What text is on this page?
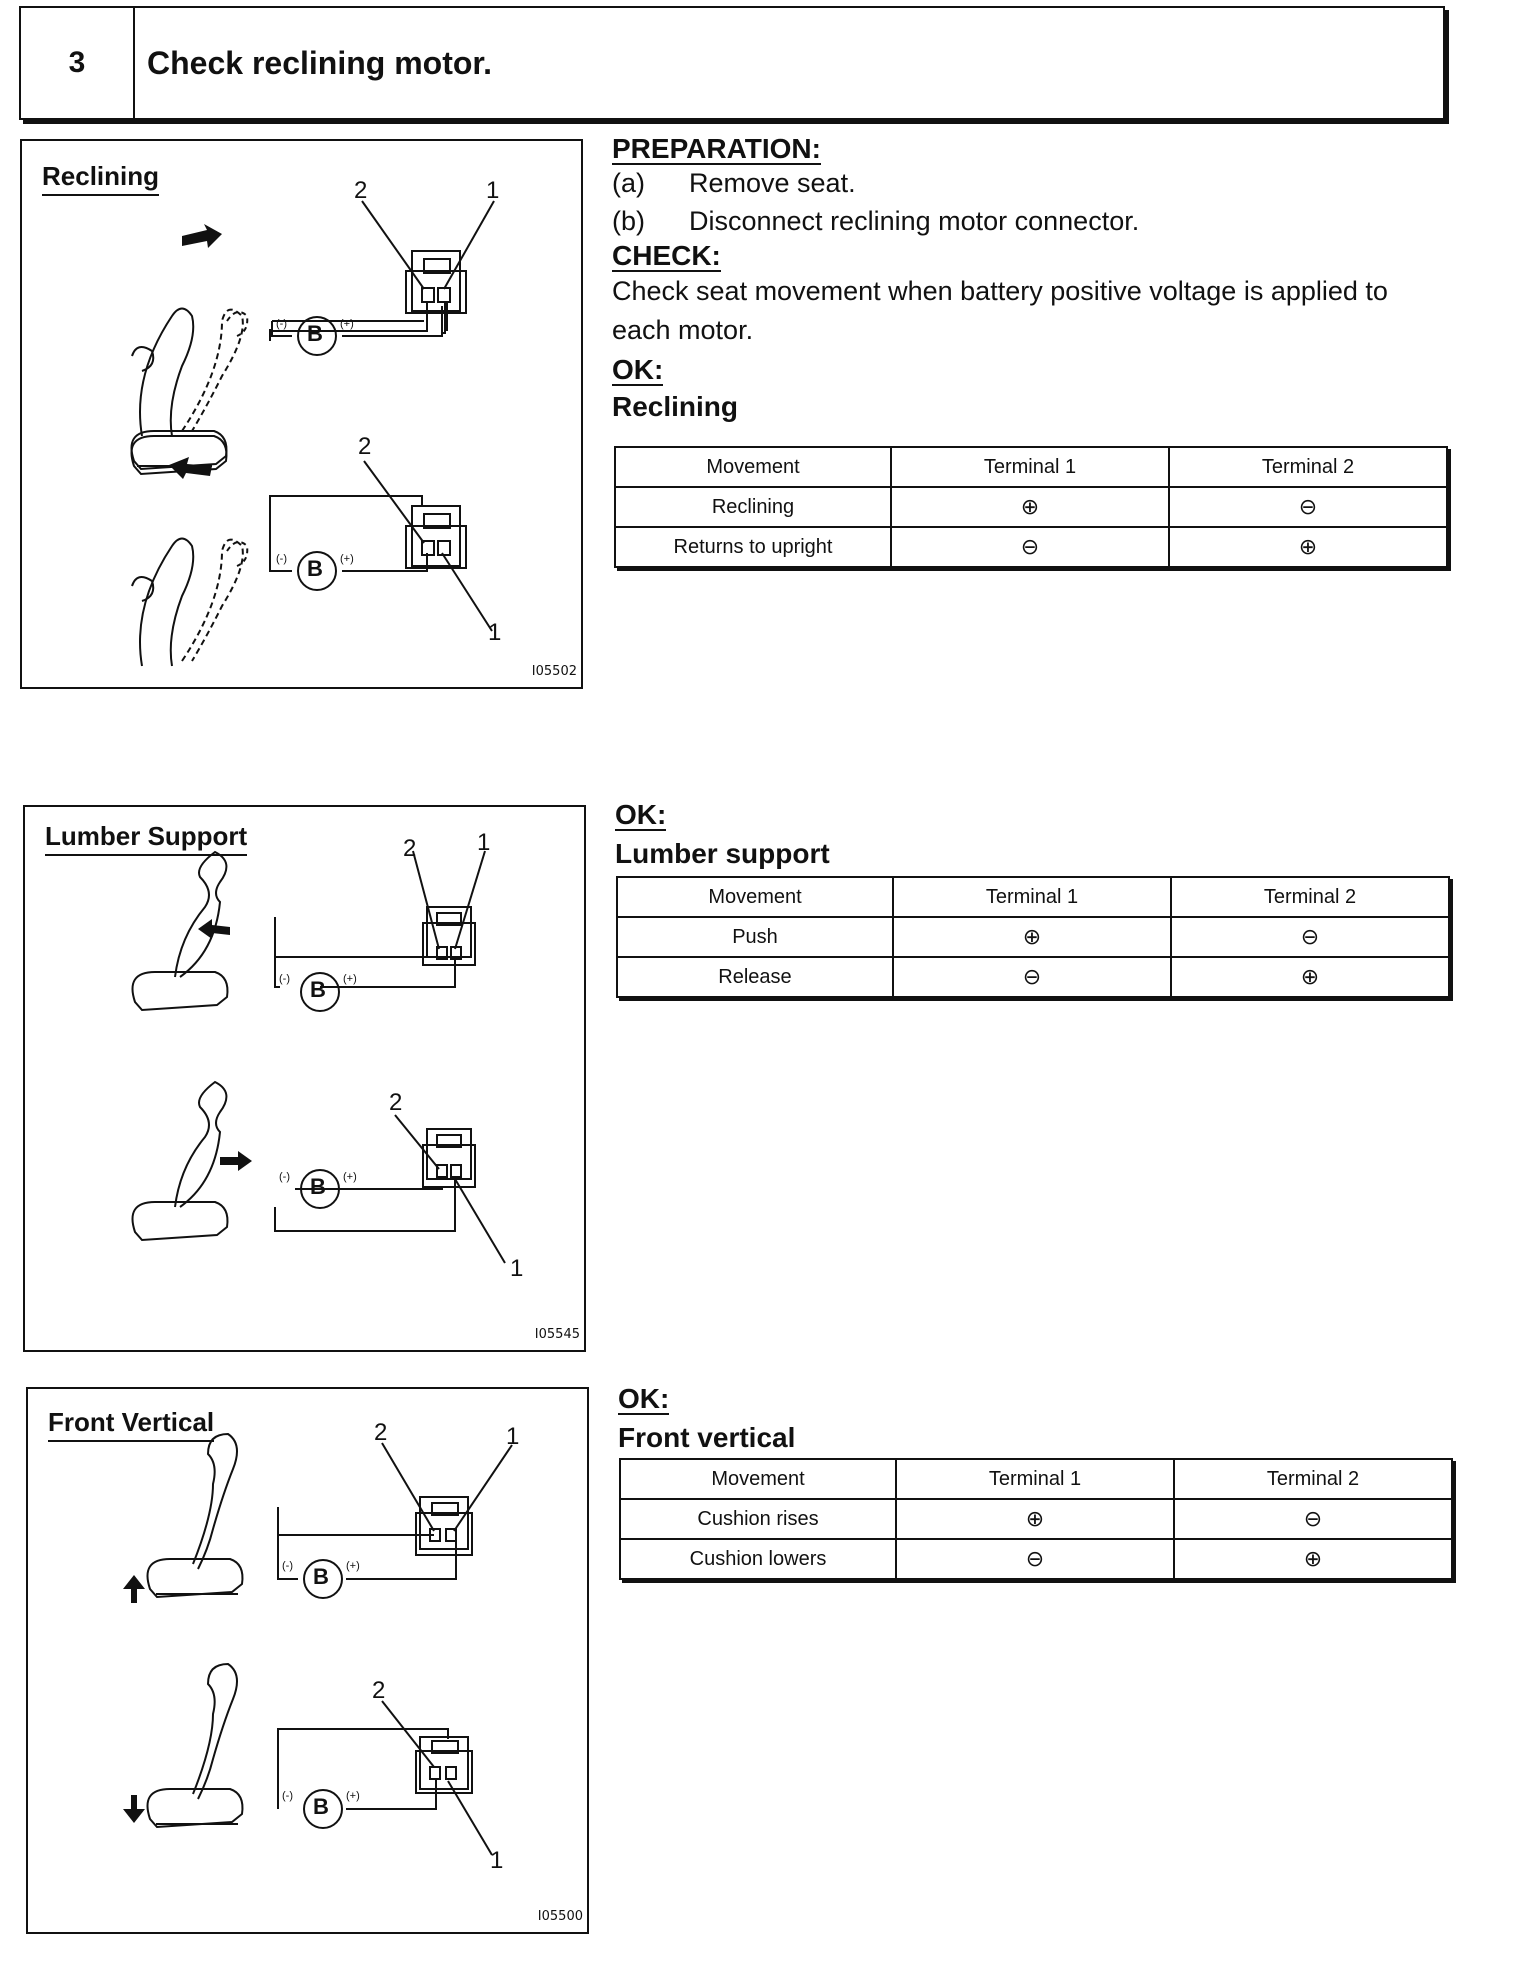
3	Check reclining motor.
Reclining
I05502
2	1
B
(-)	(+)
2
1
B
(-)	(+)
PREPARATION:
(a)	Remove seat.
(b)	Disconnect reclining motor connector.
CHECK:
Check seat movement when battery positive voltage is applied to each motor.
OK:
Reclining
Movement	Terminal 1	Terminal 2
Reclining	⊕	⊖
Returns to upright	⊖	⊕
Lumber Support
I05545
2	1
B
(-)	(+)
2
1
B
(-)	(+)
OK:
Lumber support
Movement	Terminal 1	Terminal 2
Push	⊕	⊖
Release	⊖	⊕
Front Vertical
I05500
2	1
B
(-)	(+)
2
1
B
(-)	(+)
OK:
Front vertical
Movement	Terminal 1	Terminal 2
Cushion rises	⊕	⊖
Cushion lowers	⊖	⊕
